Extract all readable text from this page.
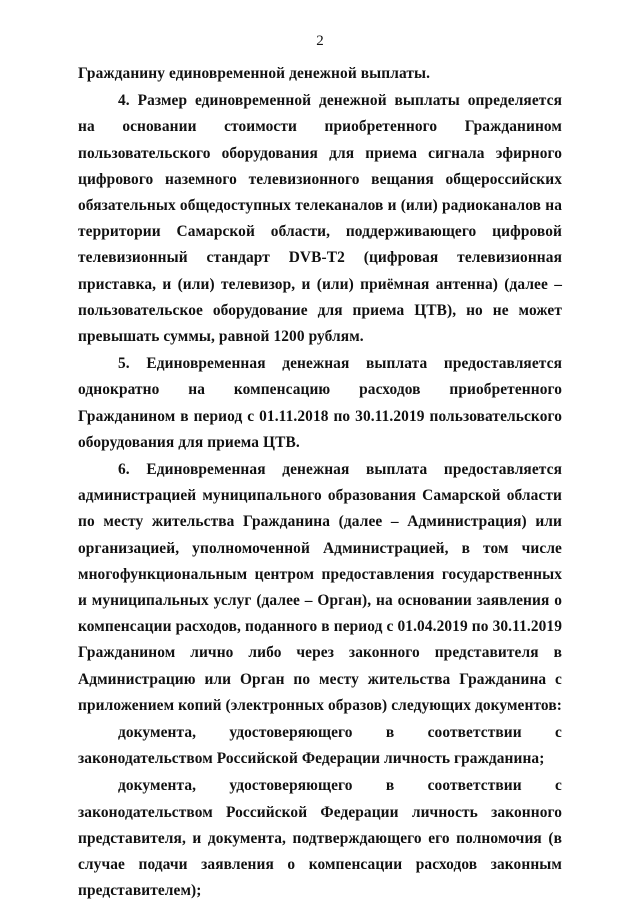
2

Гражданину единовременной денежной выплаты.

4. Размер единовременной денежной выплаты определяется на основании стоимости приобретенного Гражданином пользовательского оборудования для приема сигнала эфирного цифрового наземного телевизионного вещания общероссийских обязательных общедоступных телеканалов и (или) радиоканалов на территории Самарской области, поддерживающего цифровой телевизионный стандарт DVB-T2 (цифровая телевизионная приставка, и (или) телевизор, и (или) приёмная антенна) (далее – пользовательское оборудование для приема ЦТВ), но не может превышать суммы, равной 1200 рублям.

5. Единовременная денежная выплата предоставляется однократно на компенсацию расходов приобретенного Гражданином в период с 01.11.2018 по 30.11.2019 пользовательского оборудования для приема ЦТВ.

6. Единовременная денежная выплата предоставляется администрацией муниципального образования Самарской области по месту жительства Гражданина (далее – Администрация) или организацией, уполномоченной Администрацией, в том числе многофункциональным центром предоставления государственных и муниципальных услуг (далее – Орган), на основании заявления о компенсации расходов, поданного в период с 01.04.2019 по 30.11.2019 Гражданином лично либо через законного представителя в Администрацию или Орган по месту жительства Гражданина с приложением копий (электронных образов) следующих документов:

документа, удостоверяющего в соответствии с законодательством Российской Федерации личность гражданина;

документа, удостоверяющего в соответствии с законодательством Российской Федерации личность законного представителя, и документа, подтверждающего его полномочия (в случае подачи заявления о компенсации расходов законным представителем);
